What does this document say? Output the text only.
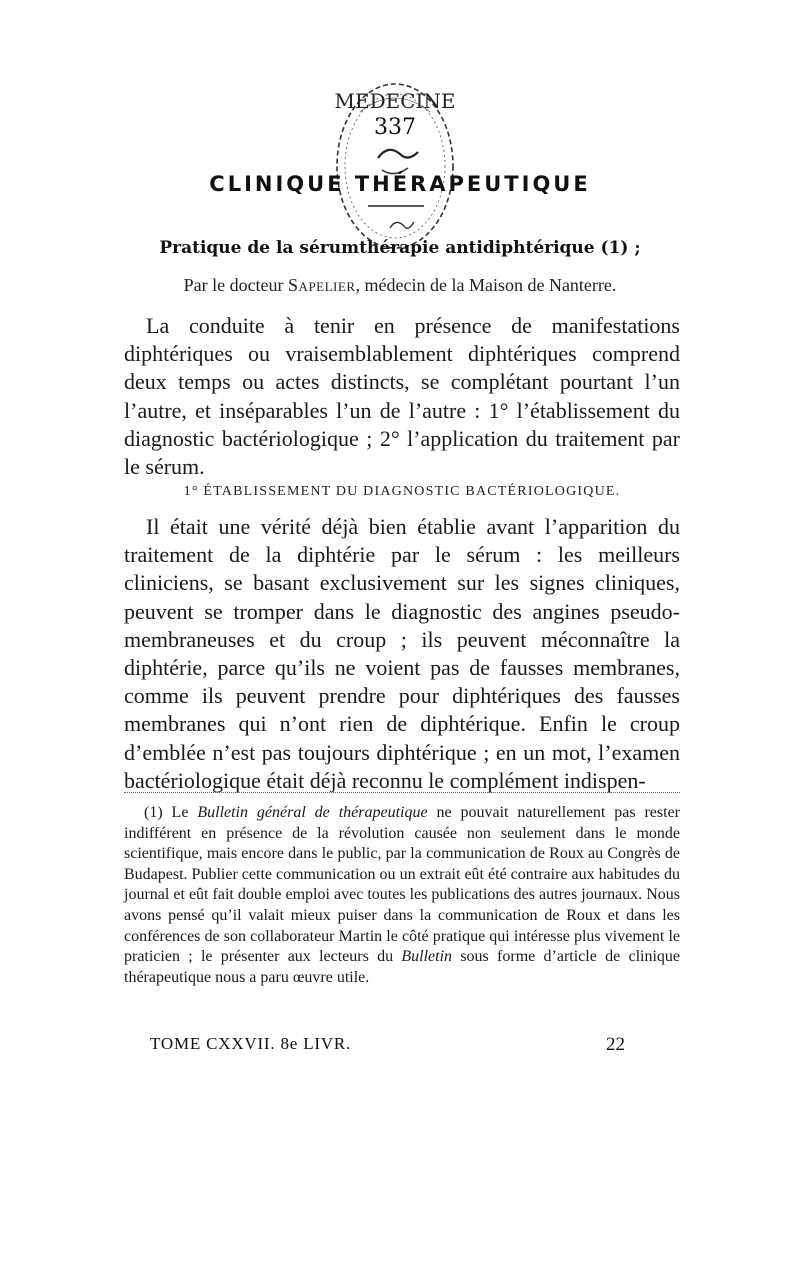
MEDECINE
337
CLINIQUE THÉRAPEUTIQUE
Pratique de la sérumthérapie antidiphtérique (1) ;
Par le docteur Sapelier, médecin de la Maison de Nanterre.
La conduite à tenir en présence de manifestations diphtériques ou vraisemblablement diphtériques comprend deux temps ou actes distincts, se complétant pourtant l’un l’autre, et inséparables l’un de l’autre : 1° l’établissement du diagnostic bactériologique ; 2° l’application du traitement par le sérum.
1° ÉTABLISSEMENT DU DIAGNOSTIC BACTÉRIOLOGIQUE.
Il était une vérité déjà bien établie avant l’apparition du traitement de la diphtérie par le sérum : les meilleurs cliniciens, se basant exclusivement sur les signes cliniques, peuvent se tromper dans le diagnostic des angines pseudo-membraneuses et du croup ; ils peuvent méconnaître la diphtérie, parce qu’ils ne voient pas de fausses membranes, comme ils peuvent prendre pour diphtériques des fausses membranes qui n’ont rien de diphtérique. Enfin le croup d’emblée n’est pas toujours diphtérique ; en un mot, l’examen bactériologique était déjà reconnu le complément indispen-
(1) Le Bulletin général de thérapeutique ne pouvait naturellement pas rester indifférent en présence de la révolution causée non seulement dans le monde scientifique, mais encore dans le public, par la communication de Roux au Congrès de Budapest. Publier cette communication ou un extrait eût été contraire aux habitudes du journal et eût fait double emploi avec toutes les publications des autres journaux. Nous avons pensé qu’il valait mieux puiser dans la communication de Roux et dans les conférences de son collaborateur Martin le côté pratique qui intéresse plus vivement le praticien ; le présenter aux lecteurs du Bulletin sous forme d’article de clinique thérapeutique nous a paru œuvre utile.
TOME CXXVII. 8e LIVR.	22
